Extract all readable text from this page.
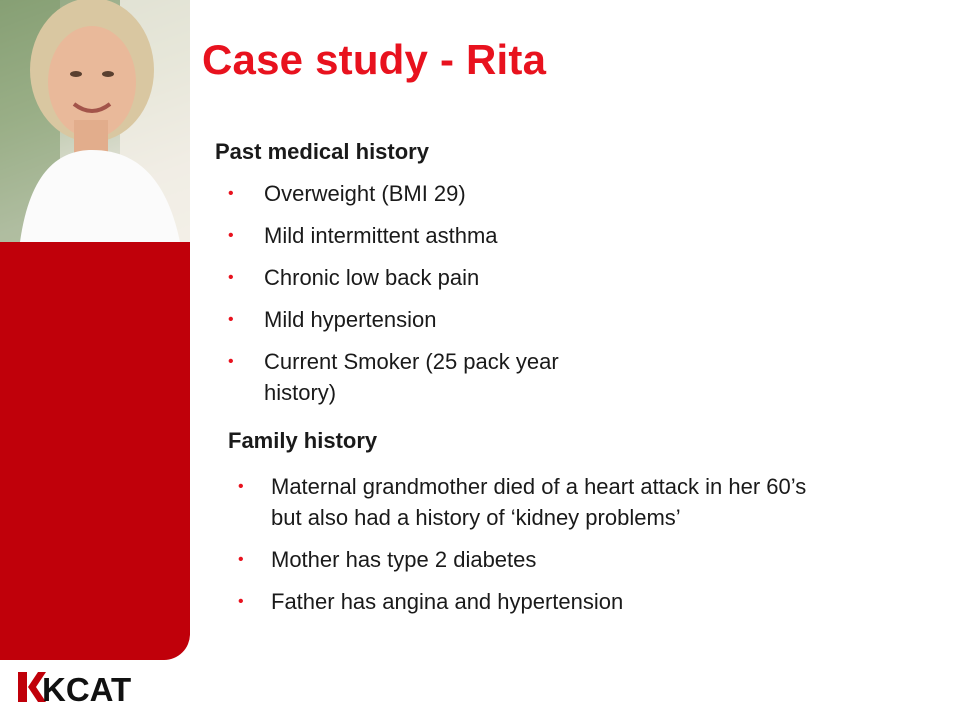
Case study - Rita
Past medical history
• Overweight (BMI 29)
• Mild intermittent asthma
• Chronic low back pain
• Mild hypertension
• Current Smoker (25 pack year history)
Family history
• Maternal grandmother died of a heart attack in her 60’s but also had a history of ‘kidney problems’
• Mother has type 2 diabetes
• Father has angina and hypertension
KCAT
